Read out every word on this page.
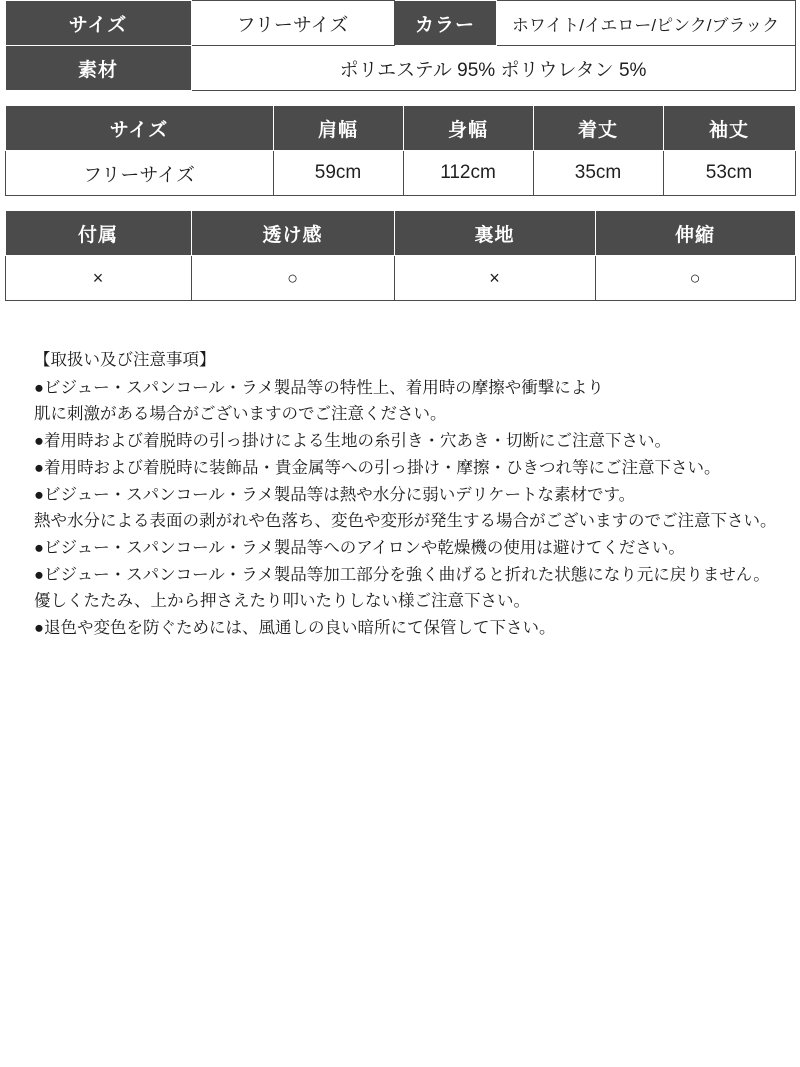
サイズ	フリーサイズ	カラー	ホワイト/イエロー/ピンク/ブラック
素材	ポリエステル 95% ポリウレタン 5%		
サイズ	肩幅	身幅	着丈	袖丈
フリーサイズ	59cm	112cm	35cm	53cm
付属	透け感	裏地	伸縮
×	○	×	○
【取扱い及び注意事項】
●ビジュー・スパンコール・ラメ製品等の特性上、着用時の摩擦や衝撃により
肌に刺激がある場合がございますのでご注意ください。
●着用時および着脱時の引っ掛けによる生地の糸引き・穴あき・切断にご注意下さい。
●着用時および着脱時に装飾品・貴金属等への引っ掛け・摩擦・ひきつれ等にご注意下さい。
●ビジュー・スパンコール・ラメ製品等は熱や水分に弱いデリケートな素材です。
熱や水分による表面の剥がれや色落ち、変色や変形が発生する場合がございますのでご注意下さい。
●ビジュー・スパンコール・ラメ製品等へのアイロンや乾燥機の使用は避けてください。
●ビジュー・スパンコール・ラメ製品等加工部分を強く曲げると折れた状態になり元に戻りません。
優しくたたみ、上から押さえたり叩いたりしない様ご注意下さい。
●退色や変色を防ぐためには、風通しの良い暗所にて保管して下さい。
